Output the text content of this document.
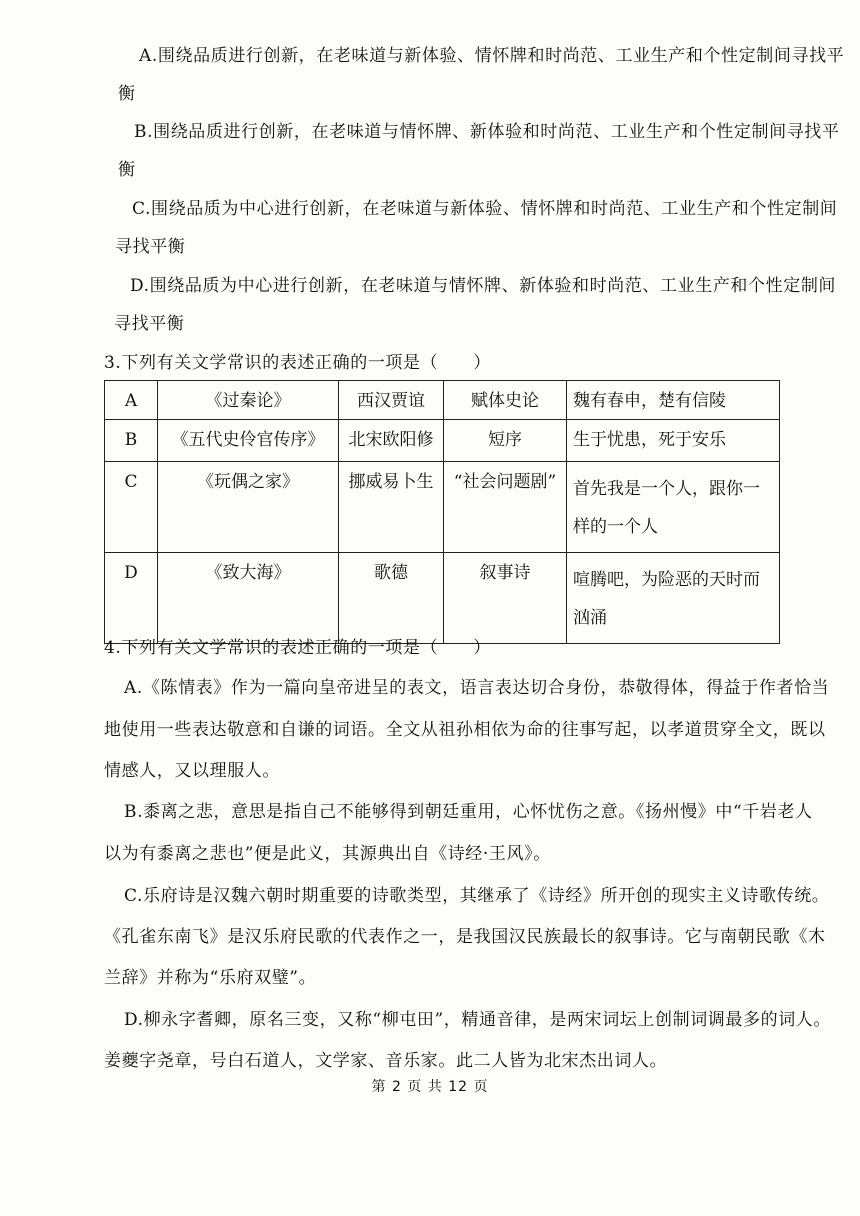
A.围绕品质进行创新，在老味道与新体验、情怀牌和时尚范、工业生产和个性定制间寻找平
衡
B.围绕品质进行创新，在老味道与情怀牌、新体验和时尚范、工业生产和个性定制间寻找平
衡
C.围绕品质为中心进行创新，在老味道与新体验、情怀牌和时尚范、工业生产和个性定制间
寻找平衡
D.围绕品质为中心进行创新，在老味道与情怀牌、新体验和时尚范、工业生产和个性定制间
寻找平衡
3.下列有关文学常识的表述正确的一项是（　　）
A	《过秦论》	西汉贾谊	赋体史论	魏有春申，楚有信陵
B	《五代史伶官传序》	北宋欧阳修	短序	生于忧患，死于安乐
C	《玩偶之家》	挪威易卜生	“社会问题剧”	首先我是一个人，跟你一样的一个人
D	《致大海》	歌德	叙事诗	喧腾吧，为险恶的天时而汹涌
4.下列有关文学常识的表述正确的一项是（　　）
A.《陈情表》作为一篇向皇帝进呈的表文，语言表达切合身份，恭敬得体，得益于作者恰当
地使用一些表达敬意和自谦的词语。全文从祖孙相依为命的往事写起，以孝道贯穿全文，既以
情感人，又以理服人。
B.黍离之悲，意思是指自己不能够得到朝廷重用，心怀忧伤之意。《扬州慢》中“千岩老人
以为有黍离之悲也”便是此义，其源典出自《诗经·王风》。
C.乐府诗是汉魏六朝时期重要的诗歌类型，其继承了《诗经》所开创的现实主义诗歌传统。
《孔雀东南飞》是汉乐府民歌的代表作之一，是我国汉民族最长的叙事诗。它与南朝民歌《木
兰辞》并称为“乐府双璧”。
D.柳永字耆卿，原名三变，又称“柳屯田”，精通音律，是两宋词坛上创制词调最多的词人。
姜夔字尧章，号白石道人，文学家、音乐家。此二人皆为北宋杰出词人。
第 2 页 共 12 页
